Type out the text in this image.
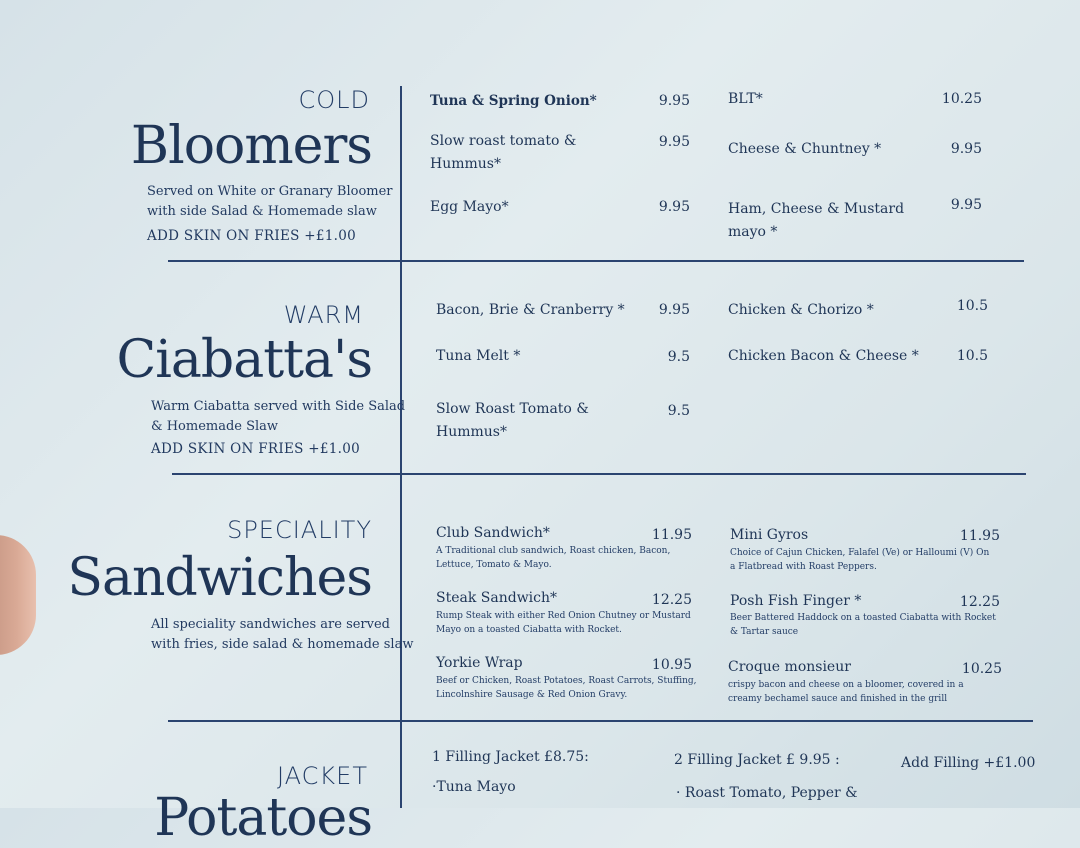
COLD
Bloomers
Served on White or Granary Bloomer
with side Salad & Homemade slaw
ADD SKIN ON FRIES +£1.00
Tuna & Spring Onion*	9.95
Slow roast tomato &
Hummus*
9.95
Egg Mayo*	9.95
BLT*	10.25
Cheese & Chuntney *	9.95
Ham, Cheese & Mustard
mayo *
9.95
WARM
Ciabatta's
Warm Ciabatta served with Side Salad
& Homemade Slaw
ADD SKIN ON FRIES +£1.00
Bacon, Brie & Cranberry *	9.95
Tuna Melt *	9.5
Slow Roast Tomato &
Hummus*
9.5
Chicken & Chorizo *	10.5
Chicken Bacon & Cheese *	10.5
SPECIALITY
Sandwiches
All speciality sandwiches are served
with fries, side salad & homemade slaw
Club Sandwich*	11.95
A Traditional club sandwich, Roast chicken, Bacon,
Lettuce, Tomato & Mayo.
Steak Sandwich*	12.25
Rump Steak with either Red Onion Chutney or Mustard
Mayo on a toasted Ciabatta with Rocket.
Yorkie Wrap	10.95
Beef or Chicken, Roast Potatoes, Roast Carrots, Stuffing,
Lincolnshire Sausage & Red Onion Gravy.
Mini Gyros	11.95
Choice of Cajun Chicken, Falafel (Ve) or Halloumi (V) On
a Flatbread with Roast Peppers.
Posh Fish Finger *	12.25
Beer Battered Haddock on a toasted Ciabatta with Rocket
& Tartar sauce
Croque monsieur	10.25
crispy bacon and cheese on a bloomer, covered in a
creamy bechamel sauce and finished in the grill
JACKET
Potatoes
1 Filling Jacket £8.75:	2 Filling Jacket £ 9.95 :	Add Filling +£1.00
·Tuna Mayo	· Roast Tomato, Pepper &
